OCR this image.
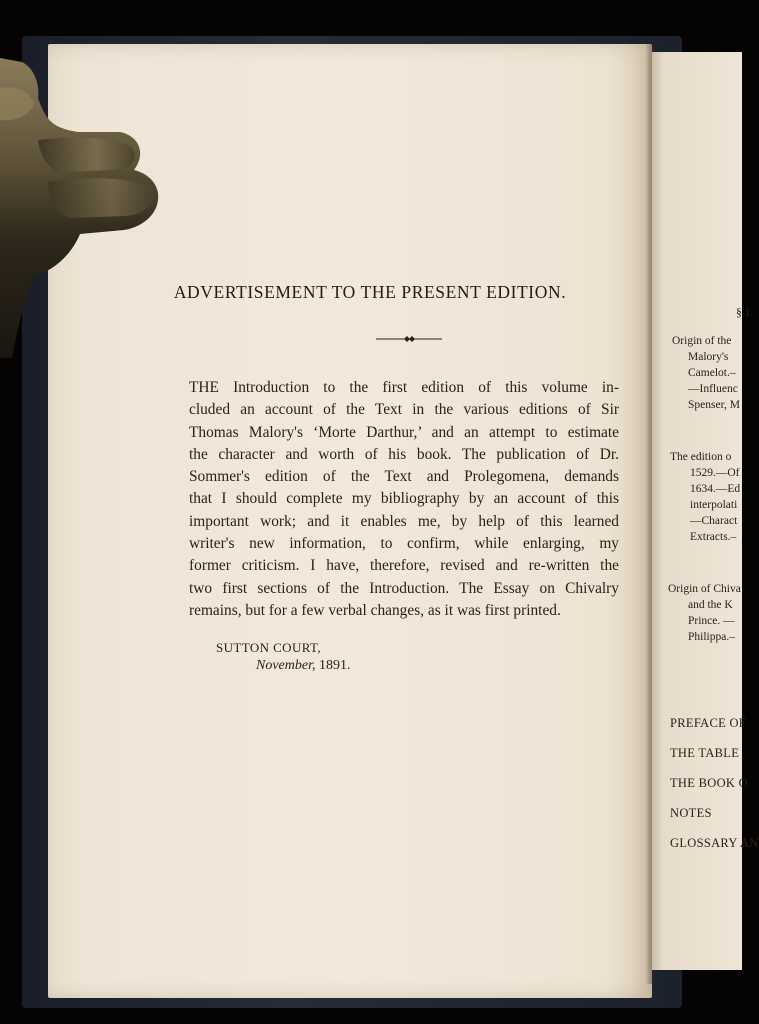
§ 1.
Origin of the
Malory's
Camelot.–
—Influenc
Spenser, M
The edition o
1529.—Of
1634.—Ed
interpolati
—Charact
Extracts.–
Origin of Chiva
and the K
Prince. —
Philippa.–
PREFACE OF
THE TABLE
THE BOOK O
NOTES
GLOSSARY AN
ADVERTISEMENT TO THE PRESENT EDITION.
THE Introduction to the first edition of this volume in-
cluded an account of the Text in the various editions of Sir
Thomas Malory's ‘Morte Darthur,’ and an attempt to estimate
the character and worth of his book. The publication of Dr.
Sommer's edition of the Text and Prolegomena, demands
that I should complete my bibliography by an account of this
important work; and it enables me, by help of this learned
writer's new information, to confirm, while enlarging, my
former criticism. I have, therefore, revised and re-written the
two first sections of the Introduction. The Essay on Chivalry
remains, but for a few verbal changes, as it was first printed.
SUTTON COURT,
November, 1891.
